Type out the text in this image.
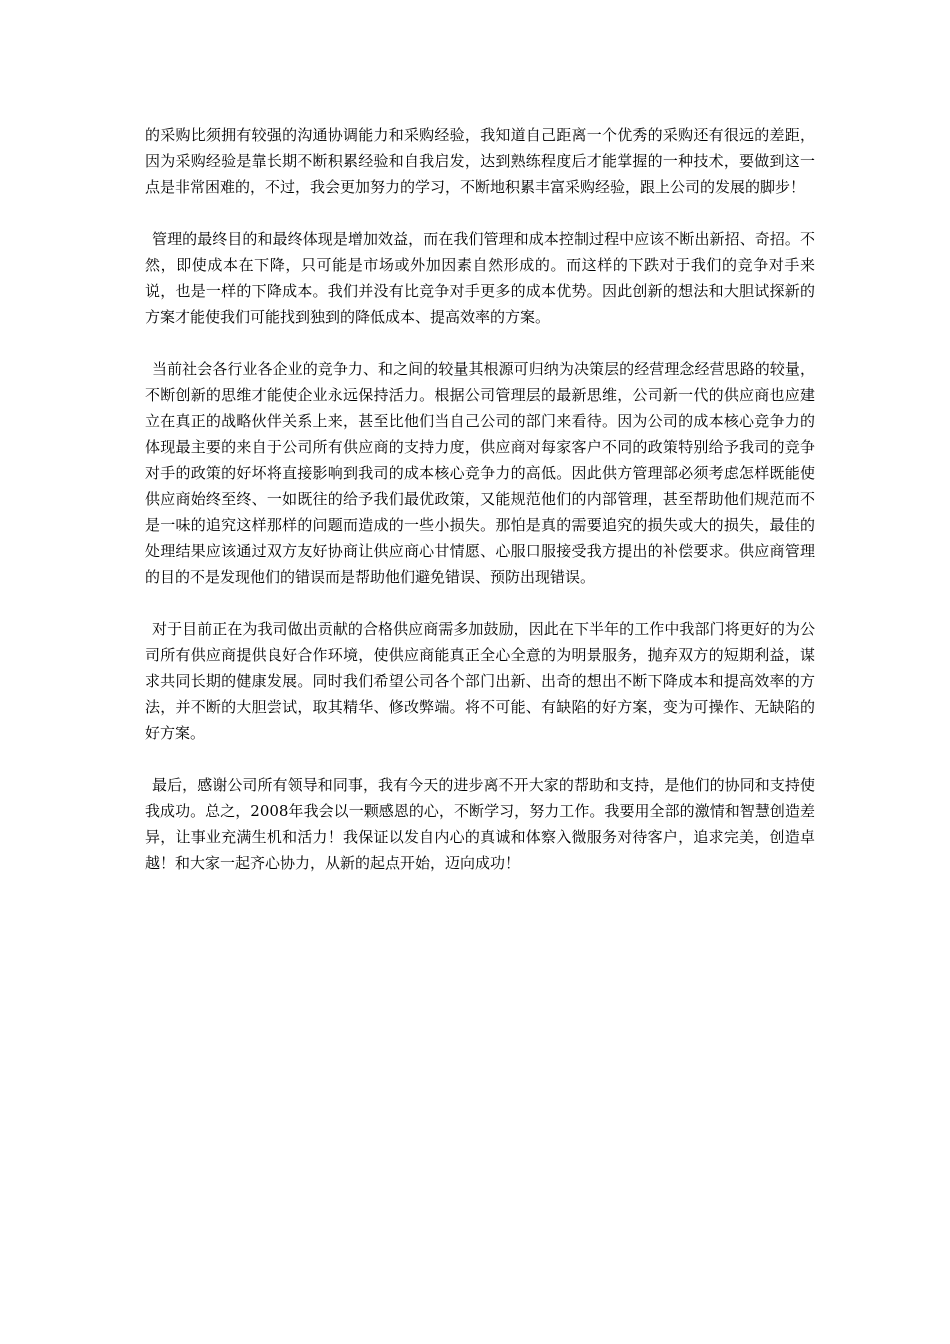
的采购比须拥有较强的沟通协调能力和采购经验，我知道自己距离一个优秀的采购还有很远的差距，因为采购经验是靠长期不断积累经验和自我启发，达到熟练程度后才能掌握的一种技术，要做到这一点是非常困难的，不过，我会更加努力的学习，不断地积累丰富采购经验，跟上公司的发展的脚步！

管理的最终目的和最终体现是增加效益，而在我们管理和成本控制过程中应该不断出新招、奇招。不然，即使成本在下降，只可能是市场或外加因素自然形成的。而这样的下跌对于我们的竞争对手来说，也是一样的下降成本。我们并没有比竞争对手更多的成本优势。因此创新的想法和大胆试探新的方案才能使我们可能找到独到的降低成本、提高效率的方案。

当前社会各行业各企业的竞争力、和之间的较量其根源可归纳为决策层的经营理念经营思路的较量，不断创新的思维才能使企业永远保持活力。根据公司管理层的最新思维，公司新一代的供应商也应建立在真正的战略伙伴关系上来，甚至比他们当自己公司的部门来看待。因为公司的成本核心竞争力的体现最主要的来自于公司所有供应商的支持力度，供应商对每家客户不同的政策特别给予我司的竞争对手的政策的好坏将直接影响到我司的成本核心竞争力的高低。因此供方管理部必须考虑怎样既能使供应商始终至终、一如既往的给予我们最优政策，又能规范他们的内部管理，甚至帮助他们规范而不是一味的追究这样那样的问题而造成的一些小损失。那怕是真的需要追究的损失或大的损失，最佳的处理结果应该通过双方友好协商让供应商心甘情愿、心服口服接受我方提出的补偿要求。供应商管理的目的不是发现他们的错误而是帮助他们避免错误、预防出现错误。

对于目前正在为我司做出贡献的合格供应商需多加鼓励，因此在下半年的工作中我部门将更好的为公司所有供应商提供良好合作环境，使供应商能真正全心全意的为明景服务，抛弃双方的短期利益，谋求共同长期的健康发展。同时我们希望公司各个部门出新、出奇的想出不断下降成本和提高效率的方法，并不断的大胆尝试，取其精华、修改弊端。将不可能、有缺陷的好方案，变为可操作、无缺陷的好方案。

最后，感谢公司所有领导和同事，我有今天的进步离不开大家的帮助和支持，是他们的协同和支持使我成功。总之，2008年我会以一颗感恩的心，不断学习，努力工作。我要用全部的激情和智慧创造差异，让事业充满生机和活力！我保证以发自内心的真诚和体察入微服务对待客户，追求完美，创造卓越！和大家一起齐心协力，从新的起点开始，迈向成功！
